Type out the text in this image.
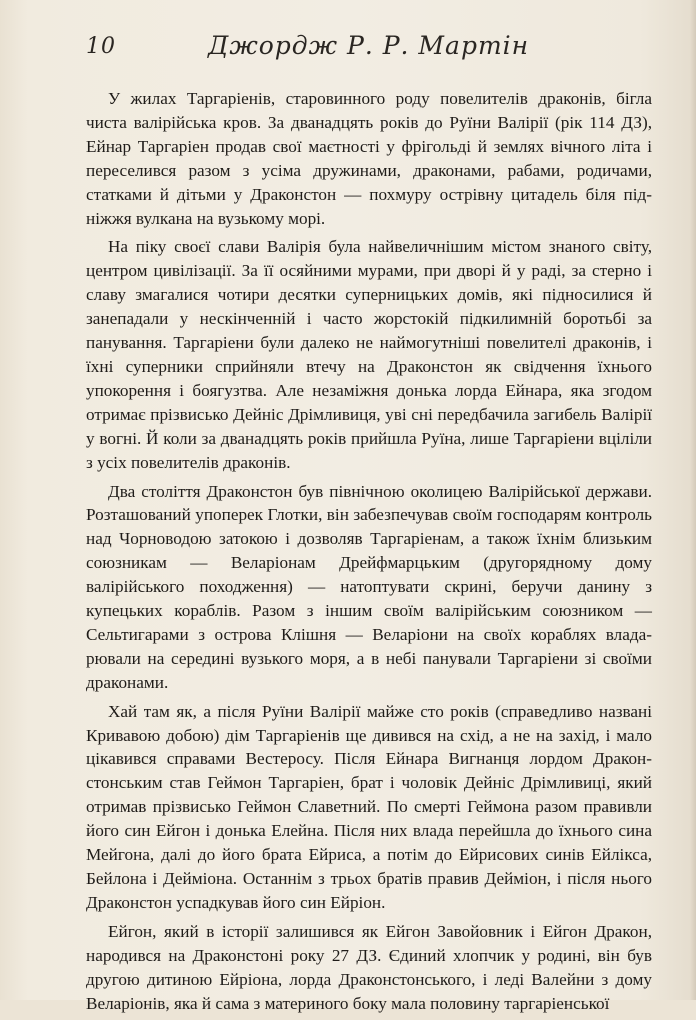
10	Джордж Р. Р. Мартін

У жилах Таргаріенів, старовинного роду повелителів драконів, бігла чиста валірійська кров. За дванадцять років до Руїни Валірії (рік 114 ДЗ), Ейнар Таргаріен продав свої маєтності у фрігольді й землях вічного літа і переселився разом з усіма дружинами, драконами, рабами, родичами, статками й дітьми у Драконстон — похмуру острівну цитадель біля підніжжя вулкана на вузькому морі.

На піку своєї слави Валірія була найвеличнішим містом знаного світу, центром цивілізації. За її осяйними мурами, при дворі й у раді, за стерно і славу змагалися чотири десятки суперницьких домів, які підносилися й занепадали у нескінченній і часто жорстокій підкилимній боротьбі за панування. Таргаріени були далеко не наймогутніші повелителі драконів, і їхні суперники сприйняли втечу на Драконстон як свідчення їхнього упокорення і боягузтва. Але незаміжня донька лорда Ейнара, яка згодом отримає прізвисько Дейніс Дрімливиця, уві сні передбачила загибель Валірії у вогні. Й коли за дванадцять років прийшла Руїна, лише Таргаріени вціліли з усіх повелителів драконів.

Два століття Драконстон був північною околицею Валірійської держави. Розташований упоперек Глотки, він забезпечував своїм господарям контроль над Чорноводою затокою і дозволяв Таргаріенам, а також їхнім близьким союзникам — Веларіонам Дрейфмарцьким (другорядному дому валірійського походження) — натоптувати скрині, беручи данину з купецьких кораблів. Разом з іншим своїм валірійським союзником — Сельтигарами з острова Клішня — Веларіони на своїх кораблях владарювали на середині вузького моря, а в небі панували Таргаріени зі своїми драконами.

Хай там як, а після Руїни Валірії майже сто років (справедливо названі Кривавою добою) дім Таргаріенів ще дивився на схід, а не на захід, і мало цікавився справами Вестеросу. Після Ейнара Вигнанця лордом Драконстонським став Геймон Таргаріен, брат і чоловік Дейніс Дрімливиці, який отримав прізвисько Геймон Славетний. По смерті Геймона разом правивли його син Ейгон і донька Елейна. Після них влада перейшла до їхнього сина Мейгона, далі до його брата Ейриса, а потім до Ейрисових синів Ейлікса, Бейлона і Деймiона. Останнім з трьох братів правив Деймiон, і після нього Драконстон успадкував його син Ейріон.

Ейгон, який в історії залишився як Ейгон Завойовник і Ейгон Дракон, народився на Драконстоні року 27 ДЗ. Єдиний хлопчик у родині, він був другою дитиною Ейріона, лорда Драконстонського, і леді Валейни з дому Веларіонів, яка й сама з материного боку мала половину таргаріенської
